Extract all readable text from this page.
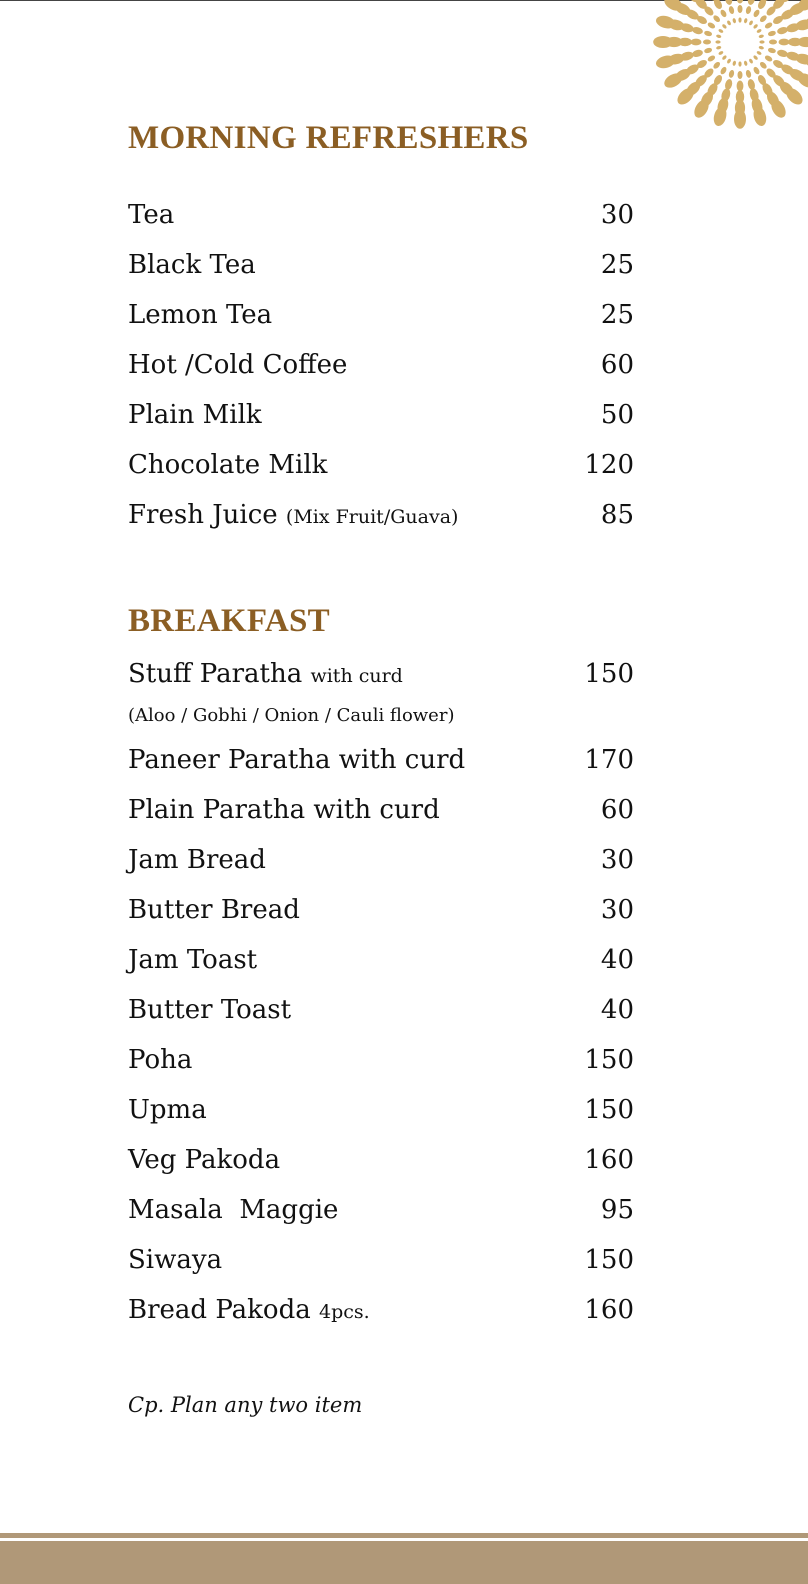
MORNING REFRESHERS
Tea	30
Black Tea	25
Lemon Tea	25
Hot /Cold Coffee	60
Plain Milk	50
Chocolate Milk	120
Fresh Juice (Mix Fruit/Guava)	85
BREAKFAST
Stuff Paratha with curd	150
(Aloo / Gobhi / Onion / Cauli flower)
Paneer Paratha with curd	170
Plain Paratha with curd	60
Jam Bread	30
Butter Bread	30
Jam Toast	40
Butter Toast	40
Poha	150
Upma	150
Veg Pakoda	160
Masala  Maggie	95
Siwaya	150
Bread Pakoda 4pcs.	160
Cp. Plan any two item
